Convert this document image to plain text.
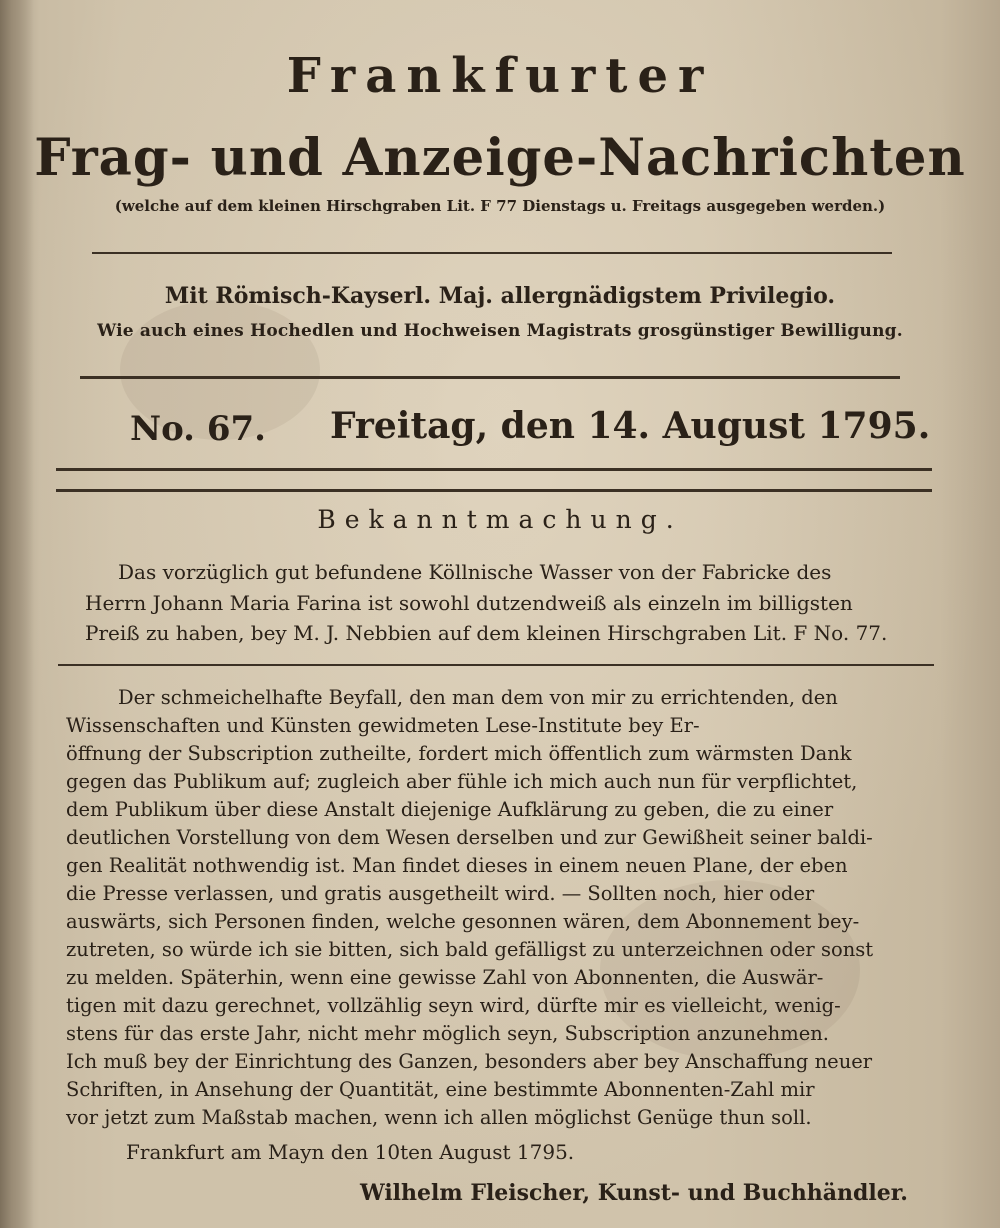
Frankfurter
Frag- und Anzeige-Nachrichten
(welche auf dem kleinen Hirschgraben Lit. F 77 Dienstags u. Freitags ausgegeben werden.)
Mit Römisch-Kayserl. Maj. allergnädigstem Privilegio.
Wie auch eines Hochedlen und Hochweisen Magistrats grosgünstiger Bewilligung.
No. 67. Freitag, den 14. August 1795.
Bekanntmachung.
Das vorzüglich gut befundene Köllnische Wasser von der Fabricke des
Herrn Johann Maria Farina ist sowohl dutzendweiß als einzeln im billigsten
Preiß zu haben, bey M. J. Nebbien auf dem kleinen Hirschgraben Lit. F No. 77.
Der schmeichelhafte Beyfall, den man dem von mir zu errichtenden, den
Wissenschaften und Künsten gewidmeten Lese-Institute bey Er-
öffnung der Subscription zutheilte, fordert mich öffentlich zum wärmsten Dank
gegen das Publikum auf; zugleich aber fühle ich mich auch nun für verpflichtet,
dem Publikum über diese Anstalt diejenige Aufklärung zu geben, die zu einer
deutlichen Vorstellung von dem Wesen derselben und zur Gewißheit seiner baldi-
gen Realität nothwendig ist. Man findet dieses in einem neuen Plane, der eben
die Presse verlassen, und gratis ausgetheilt wird. — Sollten noch, hier oder
auswärts, sich Personen finden, welche gesonnen wären, dem Abonnement bey-
zutreten, so würde ich sie bitten, sich bald gefälligst zu unterzeichnen oder sonst
zu melden. Späterhin, wenn eine gewisse Zahl von Abonnenten, die Auswär-
tigen mit dazu gerechnet, vollzählig seyn wird, dürfte mir es vielleicht, wenig-
stens für das erste Jahr, nicht mehr möglich seyn, Subscription anzunehmen.
Ich muß bey der Einrichtung des Ganzen, besonders aber bey Anschaffung neuer
Schriften, in Ansehung der Quantität, eine bestimmte Abonnenten-Zahl mir
vor jetzt zum Maßstab machen, wenn ich allen möglichst Genüge thun soll.
Frankfurt am Mayn den 10ten August 1795.
Wilhelm Fleischer, Kunst- und Buchhändler.
